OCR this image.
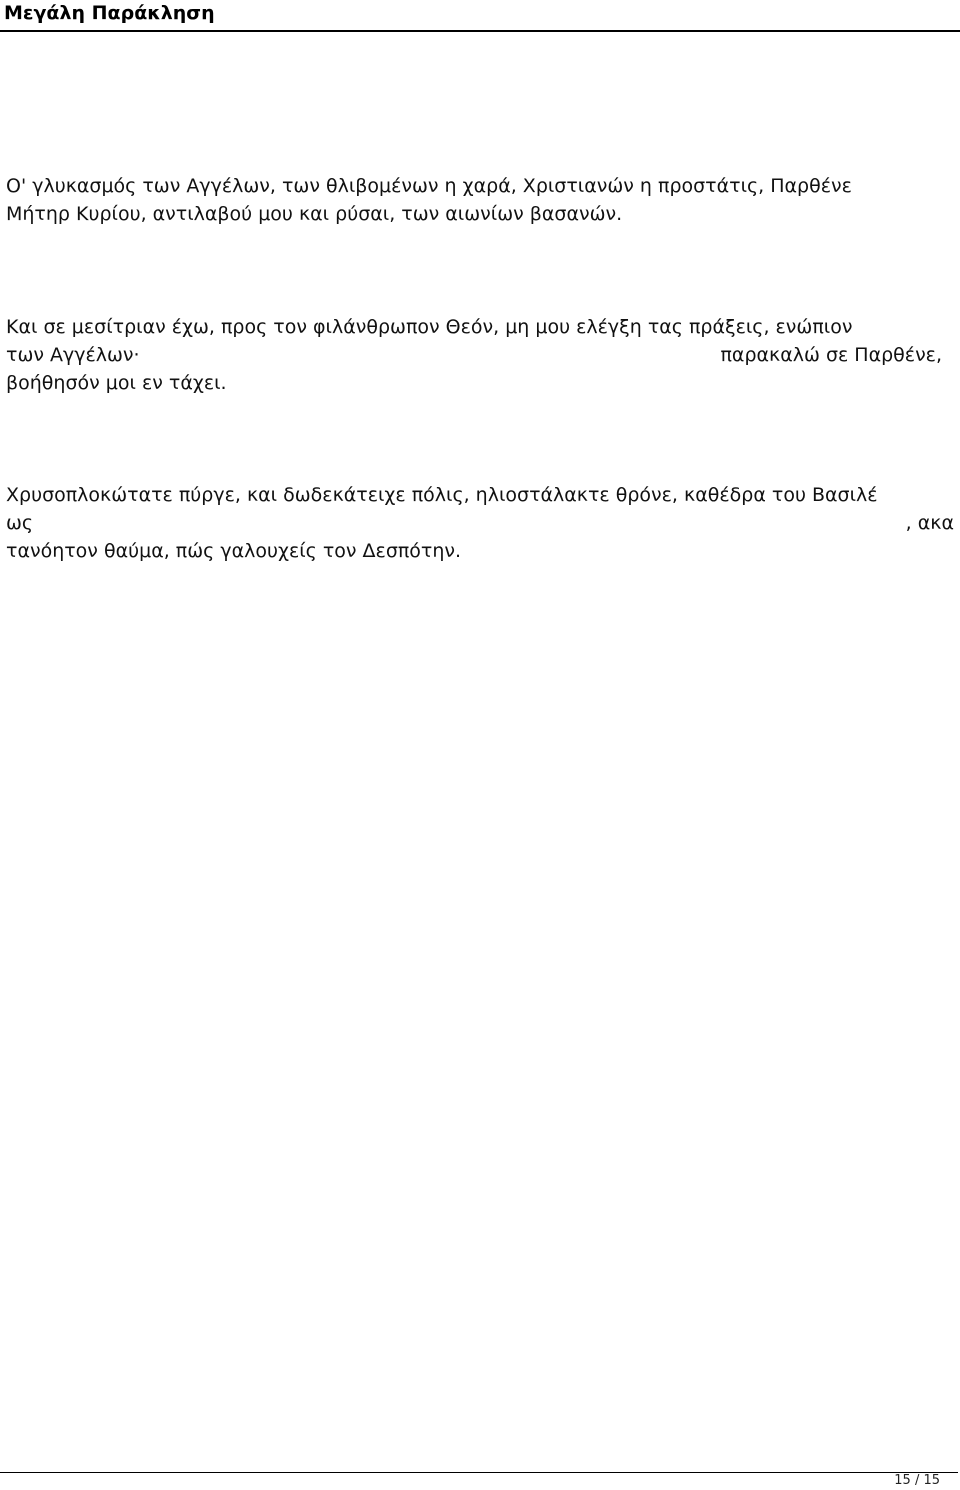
Μεγάλη Παράκληση
Ο' γλυκασμός των Αγγέλων, των θλιβομένων η χαρά, Χριστιανών η προστάτις, Παρθένε
Μήτηρ Κυρίου, αντιλαβού μου και ρύσαι, των αιωνίων βασανών.
Και σε μεσίτριαν έχω, προς τον φιλάνθρωπον Θεόν, μη μου ελέγξη τας πράξεις, ενώπιον
των Αγγέλων·	παρακαλώ σε Παρθένε,
βοήθησόν μοι εν τάχει.
Χρυσοπλοκώτατε πύργε, και δωδεκάτειχε πόλις, ηλιοστάλακτε θρόνε, καθέδρα του Βασιλέ
ως	, ακα
τανόητον θαύμα, πώς γαλουχείς τον Δεσπότην.
15 / 15
